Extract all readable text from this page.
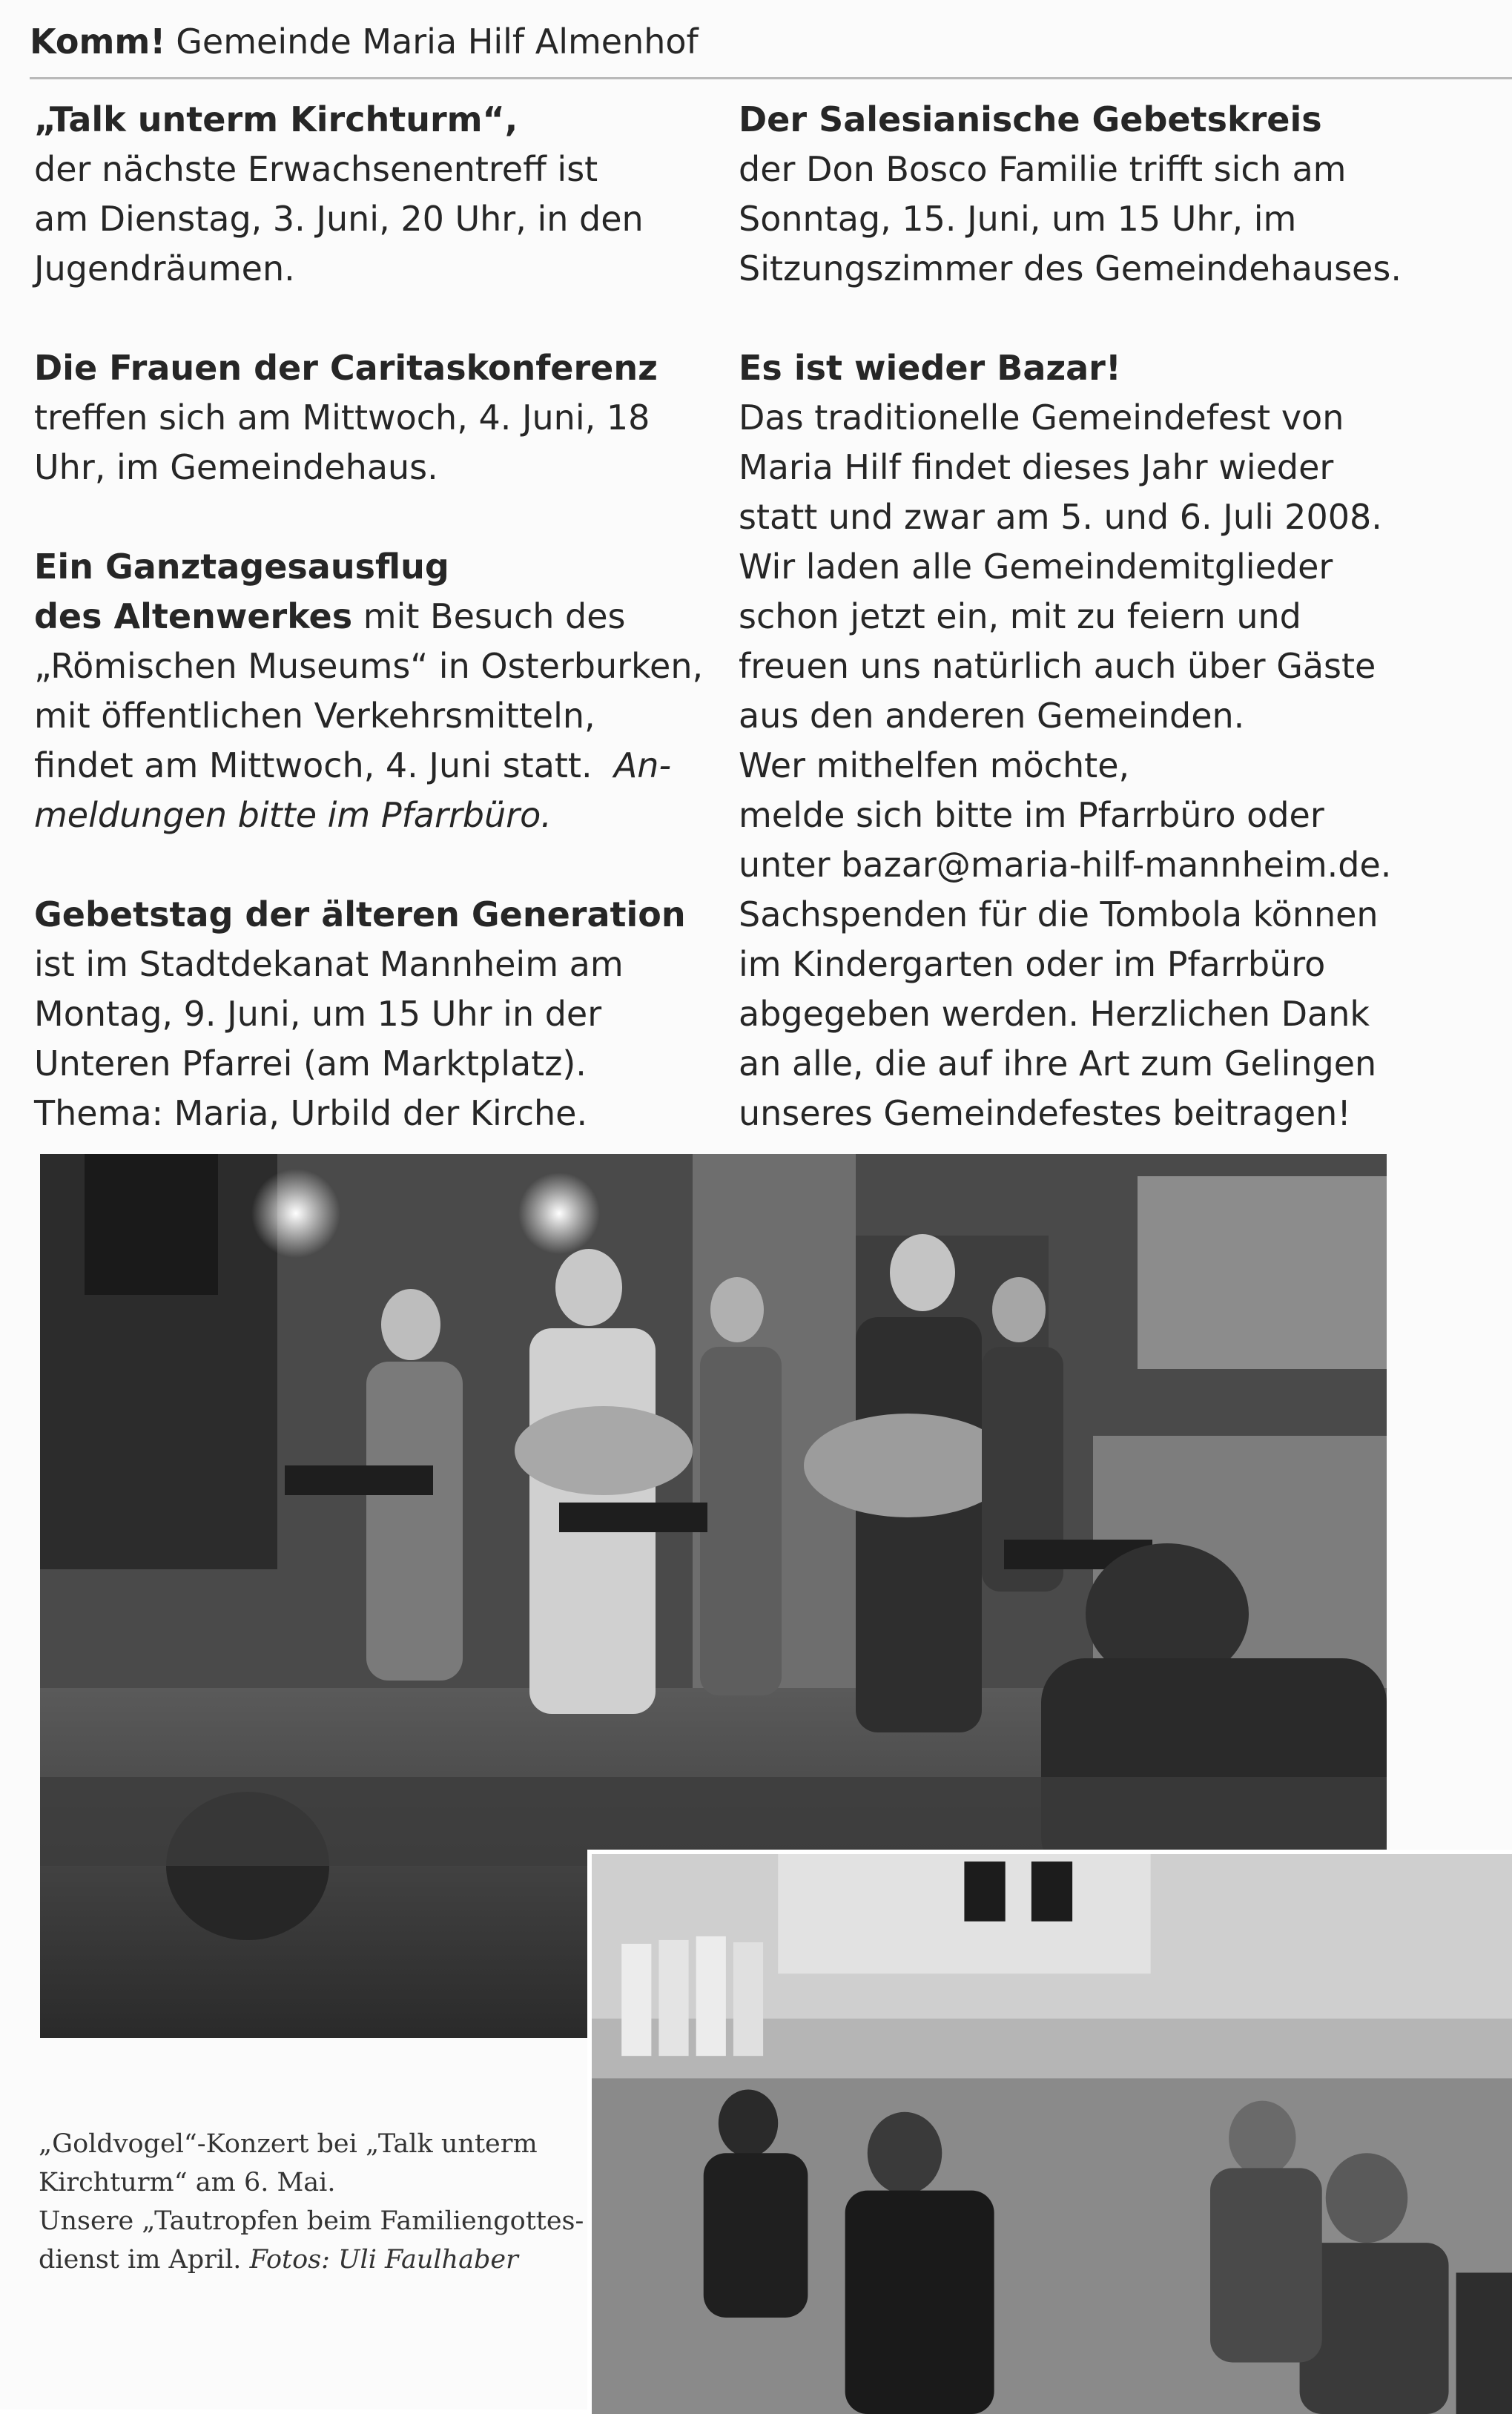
Komm! Gemeinde Maria Hilf Almenhof
„Talk unterm Kirchturm“,
der nächste Erwachsenentreff ist
am Dienstag, 3. Juni, 20 Uhr, in den
Jugendräumen.
Die Frauen der Caritaskonferenz
treffen sich am Mittwoch, 4. Juni, 18
Uhr, im Gemeindehaus.
Ein Ganztagesausflug
des Altenwerkes mit Besuch des
„Römischen Museums“ in Osterburken,
mit öffentlichen Verkehrsmitteln,
findet am Mittwoch, 4. Juni statt.  An-
meldungen bitte im Pfarrbüro.
Gebetstag der älteren Generation
ist im Stadtdekanat Mannheim am
Montag, 9. Juni, um 15 Uhr in der
Unteren Pfarrei (am Marktplatz).
Thema: Maria, Urbild der Kirche.
Der Salesianische Gebetskreis
der Don Bosco Familie trifft sich am
Sonntag, 15. Juni, um 15 Uhr, im
Sitzungszimmer des Gemeindehauses.
Es ist wieder Bazar!
Das traditionelle Gemeindefest von
Maria Hilf findet dieses Jahr wieder
statt und zwar am 5. und 6. Juli 2008.
Wir laden alle Gemeindemitglieder
schon jetzt ein, mit zu feiern und
freuen uns natürlich auch über Gäste
aus den anderen Gemeinden.
Wer mithelfen möchte,
melde sich bitte im Pfarrbüro oder
unter bazar@maria-hilf-mannheim.de.
Sachspenden für die Tombola können
im Kindergarten oder im Pfarrbüro
abgegeben werden. Herzlichen Dank
an alle, die auf ihre Art zum Gelingen
unseres Gemeindefestes beitragen!
„Goldvogel“-Konzert bei „Talk unterm
Kirchturm“ am 6. Mai.
Unsere „Tautropfen beim Familiengottes-
dienst im April. Fotos: Uli Faulhaber
